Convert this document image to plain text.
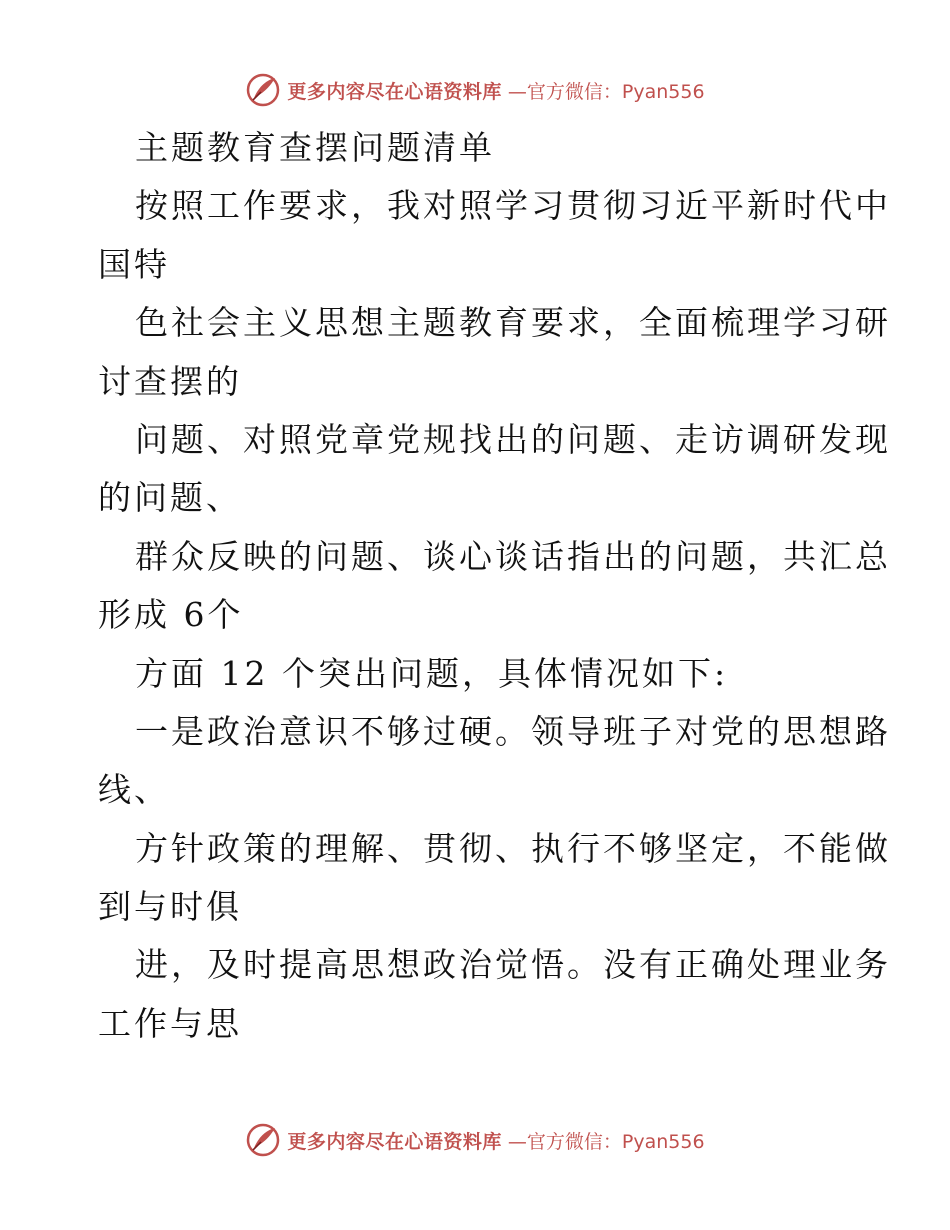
更多内容尽在心语资料库 —官方微信：Pyan556
主题教育查摆问题清单
按照工作要求，我对照学习贯彻习近平新时代中
国特
色社会主义思想主题教育要求，全面梳理学习研
讨查摆的
问题、对照党章党规找出的问题、走访调研发现
的问题、
群众反映的问题、谈心谈话指出的问题，共汇总
形成 6个
方面 12 个突出问题，具体情况如下:
一是政治意识不够过硬。领导班子对党的思想路
线、
方针政策的理解、贯彻、执行不够坚定，不能做
到与时俱
进，及时提高思想政治觉悟。没有正确处理业务
工作与思
更多内容尽在心语资料库 —官方微信：Pyan556
